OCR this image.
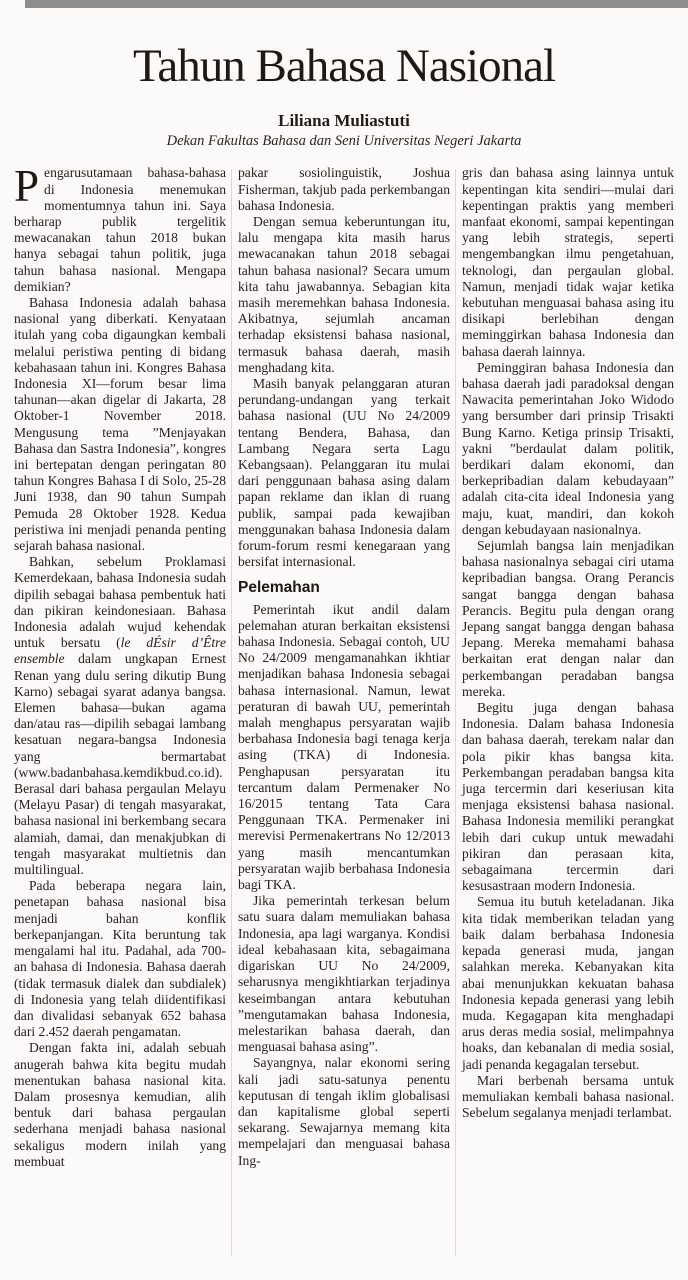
Tahun Bahasa Nasional
Liliana Muliastuti
Dekan Fakultas Bahasa dan Seni Universitas Negeri Jakarta

Pengarusutamaan bahasa-bahasa di Indonesia menemukan momentumnya tahun ini. Saya berharap publik tergelitik mewacanakan tahun 2018 bukan hanya sebagai tahun politik, juga tahun bahasa nasional. Mengapa demikian?

Bahasa Indonesia adalah bahasa nasional yang diberkati. Kenyataan itulah yang coba digaungkan kembali melalui peristiwa penting di bidang kebahasaan tahun ini. Kongres Bahasa Indonesia XI—forum besar lima tahunan—akan digelar di Jakarta, 28 Oktober-1 November 2018. Mengusung tema ”Menjayakan Bahasa dan Sastra Indonesia”, kongres ini bertepatan dengan peringatan 80 tahun Kongres Bahasa I di Solo, 25-28 Juni 1938, dan 90 tahun Sumpah Pemuda 28 Oktober 1928. Kedua peristiwa ini menjadi penanda penting sejarah bahasa nasional.

Bahkan, sebelum Proklamasi Kemerdekaan, bahasa Indonesia sudah dipilih sebagai bahasa pembentuk hati dan pikiran keindonesiaan. Bahasa Indonesia adalah wujud kehendak untuk bersatu (le dÉsir d’Être ensemble dalam ungkapan Ernest Renan yang dulu sering dikutip Bung Karno) sebagai syarat adanya bangsa. Elemen bahasa—bukan agama dan/atau ras—dipilih sebagai lambang kesatuan negara-bangsa Indonesia yang bermartabat (www.badanbahasa.kemdikbud.co.id). Berasal dari bahasa pergaulan Melayu (Melayu Pasar) di tengah masyarakat, bahasa nasional ini berkembang secara alamiah, damai, dan menakjubkan di tengah masyarakat multietnis dan multilingual.

Pada beberapa negara lain, penetapan bahasa nasional bisa menjadi bahan konflik berkepanjangan. Kita beruntung tak mengalami hal itu. Padahal, ada 700-an bahasa di Indonesia. Bahasa daerah (tidak termasuk dialek dan subdialek) di Indonesia yang telah diidentifikasi dan divalidasi sebanyak 652 bahasa dari 2.452 daerah pengamatan.

Dengan fakta ini, adalah sebuah anugerah bahwa kita begitu mudah menentukan bahasa nasional kita. Dalam prosesnya kemudian, alih bentuk dari bahasa pergaulan sederhana menjadi bahasa nasional sekaligus modern inilah yang membuat

pakar sosiolinguistik, Joshua Fisherman, takjub pada perkembangan bahasa Indonesia.

Dengan semua keberuntungan itu, lalu mengapa kita masih harus mewacanakan tahun 2018 sebagai tahun bahasa nasional? Secara umum kita tahu jawabannya. Sebagian kita masih meremehkan bahasa Indonesia. Akibatnya, sejumlah ancaman terhadap eksistensi bahasa nasional, termasuk bahasa daerah, masih menghadang kita.

Masih banyak pelanggaran aturan perundang-undangan yang terkait bahasa nasional (UU No 24/2009 tentang Bendera, Bahasa, dan Lambang Negara serta Lagu Kebangsaan). Pelanggaran itu mulai dari penggunaan bahasa asing dalam papan reklame dan iklan di ruang publik, sampai pada kewajiban menggunakan bahasa Indonesia dalam forum-forum resmi kenegaraan yang bersifat internasional.

Pelemahan

Pemerintah ikut andil dalam pelemahan aturan berkaitan eksistensi bahasa Indonesia. Sebagai contoh, UU No 24/2009 mengamanahkan ikhtiar menjadikan bahasa Indonesia sebagai bahasa internasional. Namun, lewat peraturan di bawah UU, pemerintah malah menghapus persyaratan wajib berbahasa Indonesia bagi tenaga kerja asing (TKA) di Indonesia. Penghapusan persyaratan itu tercantum dalam Permenaker No 16/2015 tentang Tata Cara Penggunaan TKA. Permenaker ini merevisi Permenakertrans No 12/2013 yang masih mencantumkan persyaratan wajib berbahasa Indonesia bagi TKA.

Jika pemerintah terkesan belum satu suara dalam memuliakan bahasa Indonesia, apa lagi warganya. Kondisi ideal kebahasaan kita, sebagaimana digariskan UU No 24/2009, seharusnya mengikhtiarkan terjadinya keseimbangan antara kebutuhan ”mengutamakan bahasa Indonesia, melestarikan bahasa daerah, dan menguasai bahasa asing”.

Sayangnya, nalar ekonomi sering kali jadi satu-satunya penentu keputusan di tengah iklim globalisasi dan kapitalisme global seperti sekarang. Sewajarnya memang kita mempelajari dan menguasai bahasa Ing-

gris dan bahasa asing lainnya untuk kepentingan kita sendiri—mulai dari kepentingan praktis yang memberi manfaat ekonomi, sampai kepentingan yang lebih strategis, seperti mengembangkan ilmu pengetahuan, teknologi, dan pergaulan global. Namun, menjadi tidak wajar ketika kebutuhan menguasai bahasa asing itu disikapi berlebihan dengan meminggirkan bahasa Indonesia dan bahasa daerah lainnya.

Peminggiran bahasa Indonesia dan bahasa daerah jadi paradoksal dengan Nawacita pemerintahan Joko Widodo yang bersumber dari prinsip Trisakti Bung Karno. Ketiga prinsip Trisakti, yakni ”berdaulat dalam politik, berdikari dalam ekonomi, dan berkepribadian dalam kebudayaan” adalah cita-cita ideal Indonesia yang maju, kuat, mandiri, dan kokoh dengan kebudayaan nasionalnya.

Sejumlah bangsa lain menjadikan bahasa nasionalnya sebagai ciri utama kepribadian bangsa. Orang Perancis sangat bangga dengan bahasa Perancis. Begitu pula dengan orang Jepang sangat bangga dengan bahasa Jepang. Mereka memahami bahasa berkaitan erat dengan nalar dan perkembangan peradaban bangsa mereka.

Begitu juga dengan bahasa Indonesia. Dalam bahasa Indonesia dan bahasa daerah, terekam nalar dan pola pikir khas bangsa kita. Perkembangan peradaban bangsa kita juga tercermin dari keseriusan kita menjaga eksistensi bahasa nasional. Bahasa Indonesia memiliki perangkat lebih dari cukup untuk mewadahi pikiran dan perasaan kita, sebagaimana tercermin dari kesusastraan modern Indonesia.

Semua itu butuh keteladanan. Jika kita tidak memberikan teladan yang baik dalam berbahasa Indonesia kepada generasi muda, jangan salahkan mereka. Kebanyakan kita abai menunjukkan kekuatan bahasa Indonesia kepada generasi yang lebih muda. Kegagapan kita menghadapi arus deras media sosial, melimpahnya hoaks, dan kebanalan di media sosial, jadi penanda kegagalan tersebut.

Mari berbenah bersama untuk memuliakan kembali bahasa nasional. Sebelum segalanya menjadi terlambat.
